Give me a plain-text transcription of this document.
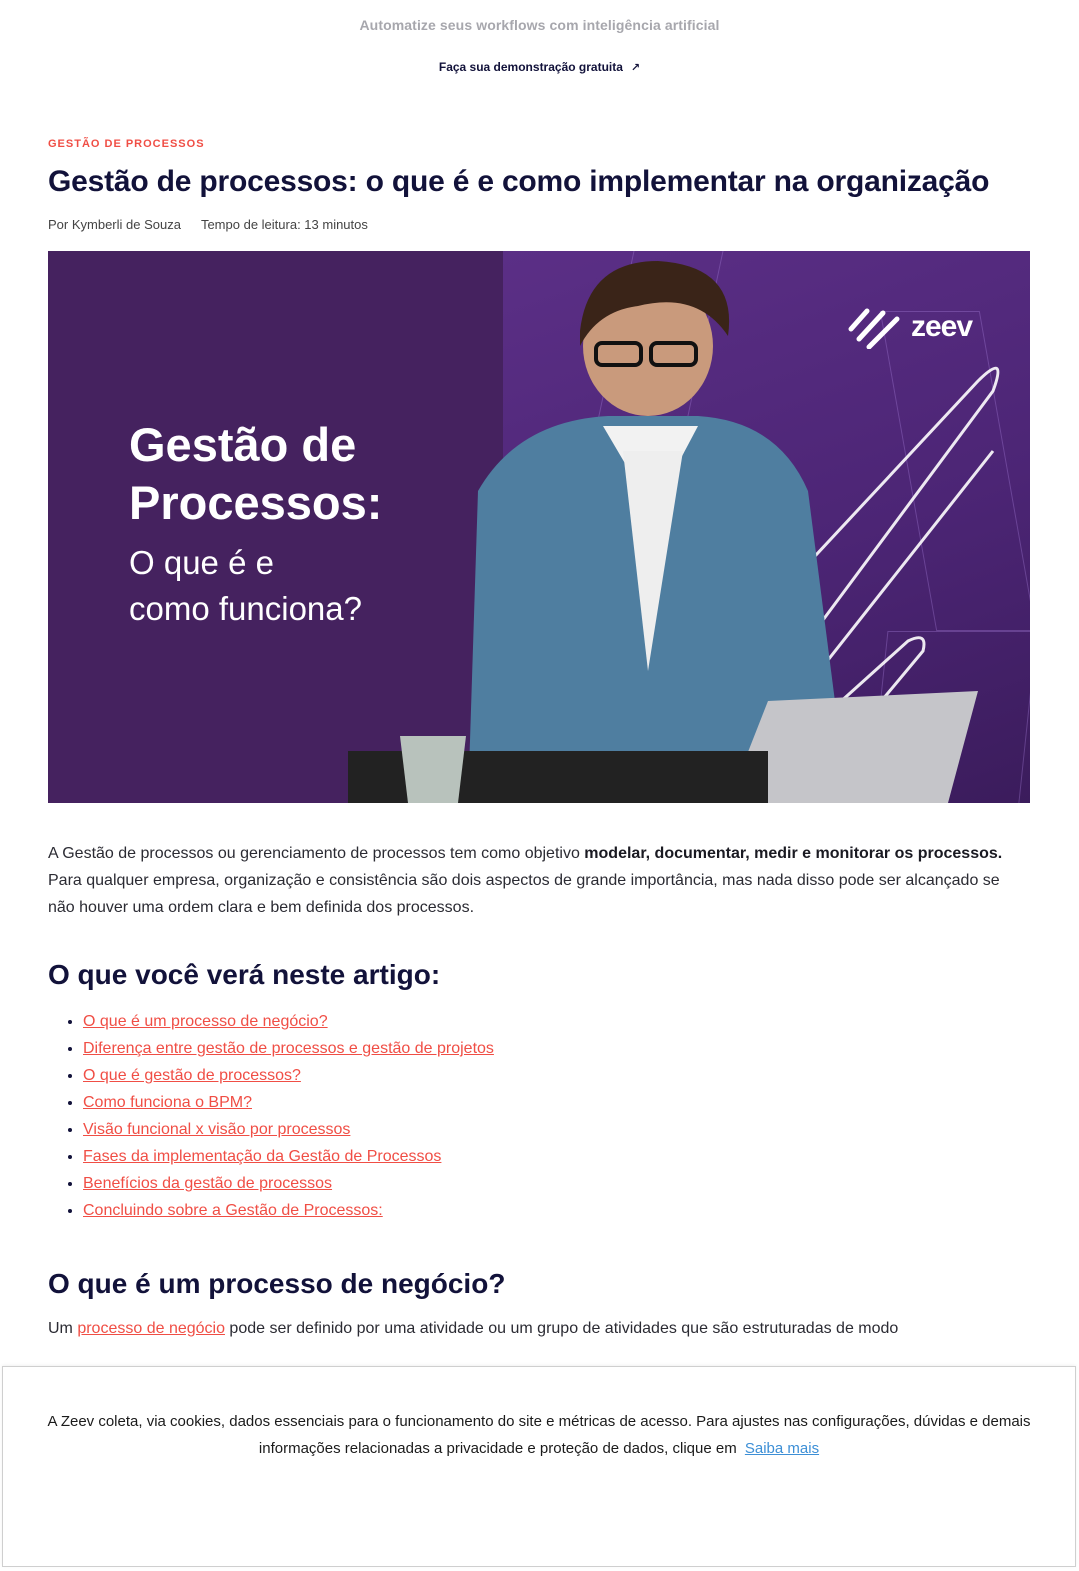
Automatize seus workflows com inteligência artificial
Faça sua demonstração gratuita ↗
GESTÃO DE PROCESSOS
Gestão de processos: o que é e como implementar na organização
Por Kymberli de Souza Tempo de leitura: 13 minutos
zeev
Gestão de
Processos:
O que é e
como funciona?

A Gestão de processos ou gerenciamento de processos tem como objetivo modelar, documentar, medir e monitorar os processos. Para qualquer empresa, organização e consistência são dois aspectos de grande importância, mas nada disso pode ser alcançado se não houver uma ordem clara e bem definida dos processos.

O que você verá neste artigo:
• O que é um processo de negócio?
• Diferença entre gestão de processos e gestão de projetos
• O que é gestão de processos?
• Como funciona o BPM?
• Visão funcional x visão por processos
• Fases da implementação da Gestão de Processos
• Benefícios da gestão de processos
• Concluindo sobre a Gestão de Processos:
O que é um processo de negócio?

Um processo de negócio pode ser definido por uma atividade ou um grupo de atividades que são estruturadas de modo

A Zeev coleta, via cookies, dados essenciais para o funcionamento do site e métricas de acesso. Para ajustes nas configurações, dúvidas e demais informações relacionadas a privacidade e proteção de dados, clique em Saiba mais
